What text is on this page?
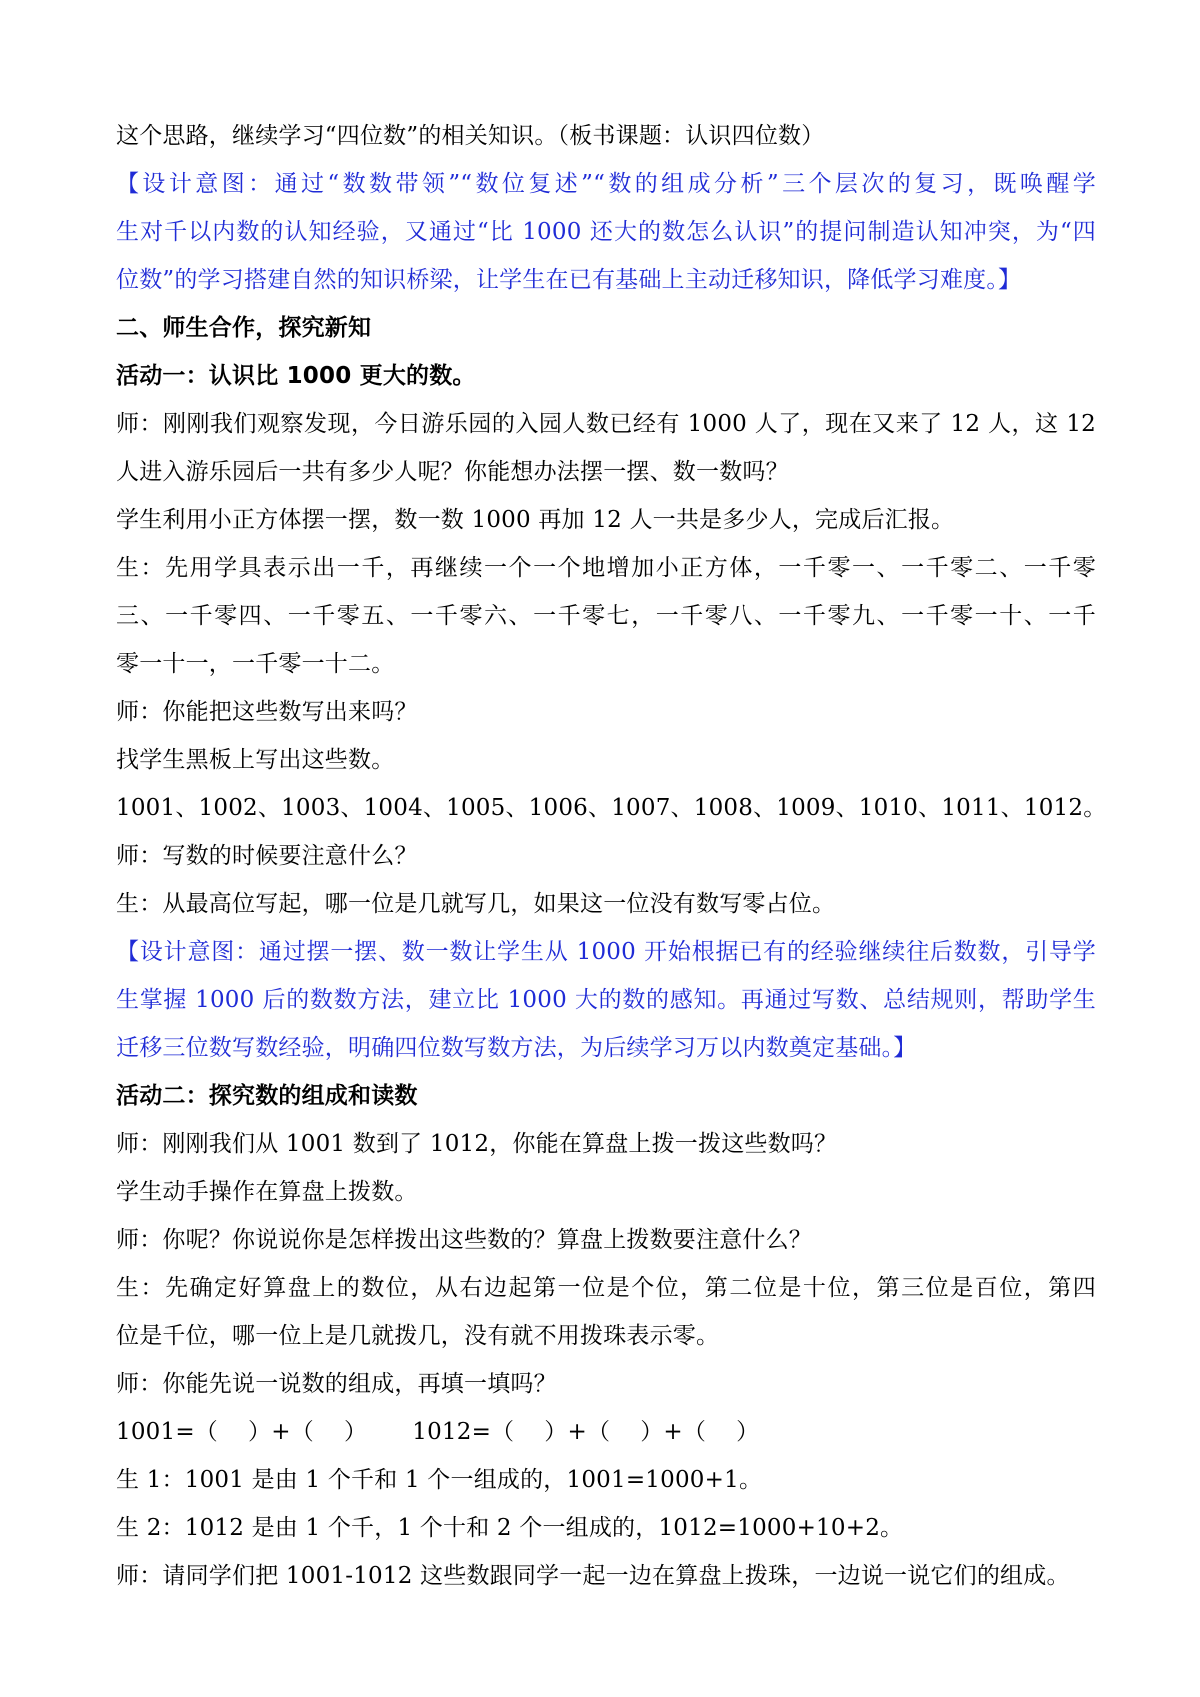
这个思路，继续学习“四位数”的相关知识。（板书课题：认识四位数）
【设计意图：通过“数数带领”“数位复述”“数的组成分析”三个层次的复习，既唤醒学
生对千以内数的认知经验，又通过“比 1000 还大的数怎么认识”的提问制造认知冲突，为“四
位数”的学习搭建自然的知识桥梁，让学生在已有基础上主动迁移知识，降低学习难度。】
二、师生合作，探究新知
活动一：认识比 1000 更大的数。
师：刚刚我们观察发现，今日游乐园的入园人数已经有 1000 人了，现在又来了 12 人，这 12
人进入游乐园后一共有多少人呢？你能想办法摆一摆、数一数吗？
学生利用小正方体摆一摆，数一数 1000 再加 12 人一共是多少人，完成后汇报。
生：先用学具表示出一千，再继续一个一个地增加小正方体，一千零一、一千零二、一千零
三、一千零四、一千零五、一千零六、一千零七，一千零八、一千零九、一千零一十、一千
零一十一，一千零一十二。
师：你能把这些数写出来吗？
找学生黑板上写出这些数。
1001、1002、1003、1004、1005、1006、1007、1008、1009、1010、1011、1012。
师：写数的时候要注意什么？
生：从最高位写起，哪一位是几就写几，如果这一位没有数写零占位。
【设计意图：通过摆一摆、数一数让学生从 1000 开始根据已有的经验继续往后数数，引导学
生掌握 1000 后的数数方法，建立比 1000 大的数的感知。再通过写数、总结规则，帮助学生
迁移三位数写数经验，明确四位数写数方法，为后续学习万以内数奠定基础。】
活动二：探究数的组成和读数
师：刚刚我们从 1001 数到了 1012，你能在算盘上拨一拨这些数吗？
学生动手操作在算盘上拨数。
师：你呢？你说说你是怎样拨出这些数的？算盘上拨数要注意什么？
生：先确定好算盘上的数位，从右边起第一位是个位，第二位是十位，第三位是百位，第四
位是千位，哪一位上是几就拨几，没有就不用拨珠表示零。
师：你能先说一说数的组成，再填一填吗？
1001=（    ）+（    ）      1012=（    ）+（    ）+（    ）
生 1：1001 是由 1 个千和 1 个一组成的，1001=1000+1。
生 2：1012 是由 1 个千，1 个十和 2 个一组成的，1012=1000+10+2。
师：请同学们把 1001-1012 这些数跟同学一起一边在算盘上拨珠，一边说一说它们的组成。
